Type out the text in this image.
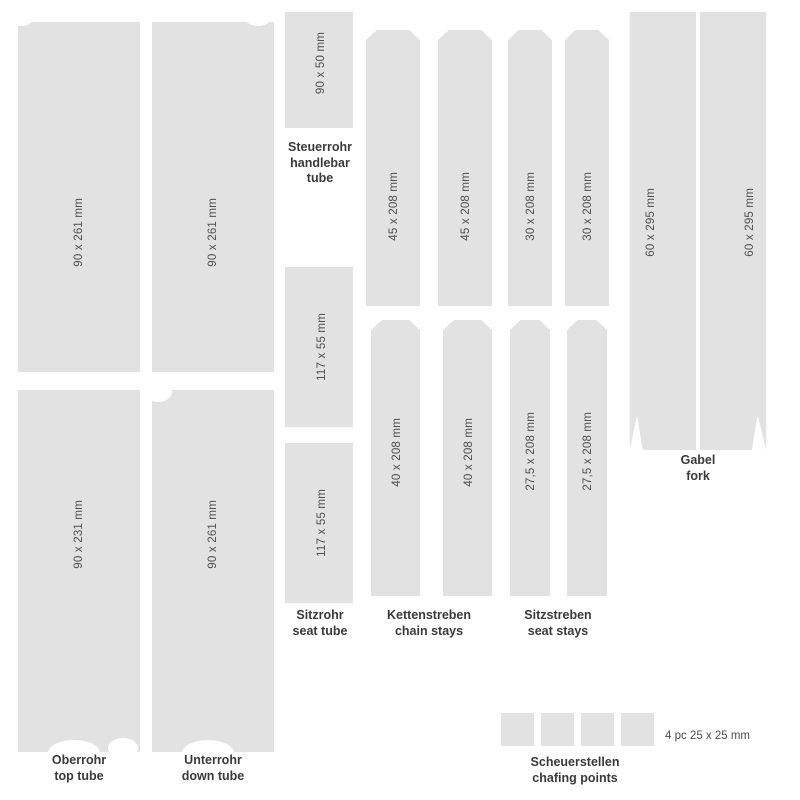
90 x 261 mm
90 x 231 mm
Oberrohr
top tube
90 x 261 mm
90 x 261 mm
Unterrohr
down tube
90 x 50 mm
Steuerrohr
handlebar
tube
117 x 55 mm
117 x 55 mm
Sitzrohr
seat tube
45 x 208 mm	45 x 208 mm
40 x 208 mm	40 x 208 mm
Kettenstreben
chain stays
30 x 208 mm	30 x 208 mm
27,5 x 208 mm	27,5 x 208 mm
Sitzstreben
seat stays
60 x 295 mm	60 x 295 mm
Gabel
fork
4 pc 25 x 25 mm
Scheuerstellen
chafing points
